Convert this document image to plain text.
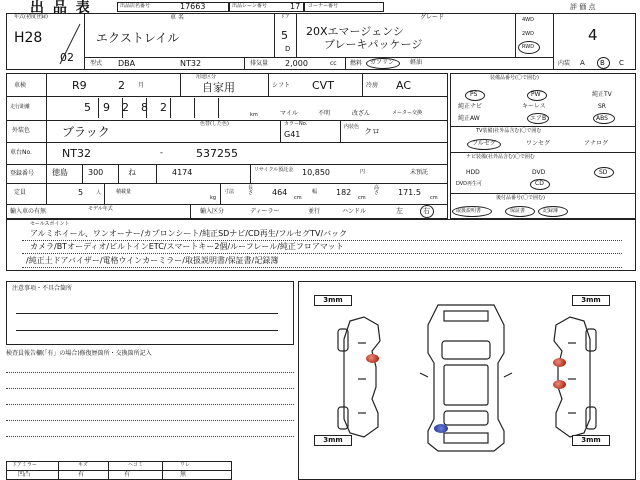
出 品 表	出品店名番号	17663	出品レーン番号	17 コーナー番号
年式(初度登録)
H28
02
車 名
エクストレイル
ドア
5
D
グレード
20Xエマージェンシ
ブレーキパッケージ
4WD
2WD
RWD
評 価 点
4
型式 DBA	NT32	排気量 2,000	cc 燃料 ガソリン	軽油	内装 A B C
車検	R9	2 月
用途区分
自家用	シフト CVT	冷房 AC
走行距離	59282
km	マイル	不明	改ざん	メーター交換
外装色	ブラック
色替(した色)	カラーNo.
G41
内装色 クロ
車台No.	NT32	-	537255
登録番号 徳島	300	ね	4174	リサイクル預託金 10,850	円	未預託
定員	5	人	積載量
kg
寸法
長さ 464
cm
幅 182
cm
高さ 171.5
cm
輸入車の有無	モデル年式	輸入区分	ディーラー	並行	ハンドル	左	右
装備品番号(〇で囲む)
PS	PW	純正TV
純正ナビ	キーレス	SR
純正AW	エアB	ABS
TV装備(社外品含む)〇で囲む
フルセグ	ワンセグ	アナログ
ナビ装備(社外品含む)〇で囲む
HDD	DVD	SD
DVD再生可	CD
後付品番号(〇で囲む)
取扱説明書	保証書	記録簿
セールスポイント
アルミホイール、ワンオーナー/カプロンシート/純正SDナビ/CD再生/フルセグTV/バック
カメラ/BTオーディオ/ビルトインETC/スマートキー2個/ルーフレール/純正フロアマット
/純正土ドアバイザー/電格ウインカーミラー/取扱説明書/保証書/記録簿
注意事項・不具合箇所
検査員報告欄(「有」の場合)修復歴箇所・交換箇所記入
ドアミラー	キズ	ヘコミ	ワレ
凹凸	有	有	無
3mm	3mm
3mm	3mm
